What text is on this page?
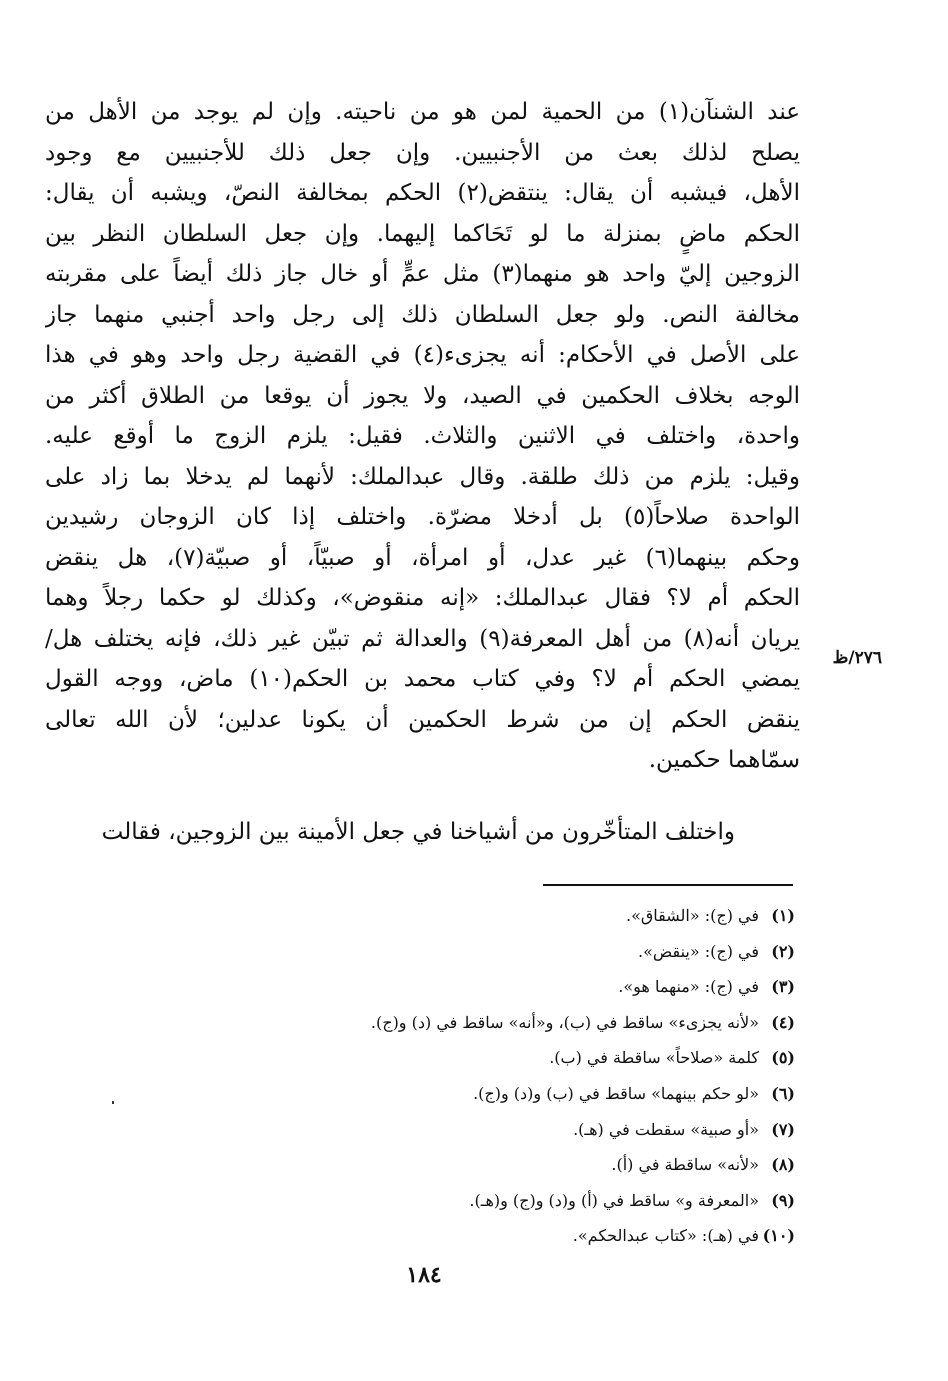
عند الشنآن(١) من الحمية لمن هو من ناحيته. وإن لم يوجد من الأهل من
يصلح لذلك بعث من الأجنبيين. وإن جعل ذلك للأجنبيين مع وجود
الأهل، فيشبه أن يقال: ينتقض(٢) الحكم بمخالفة النصّ، ويشبه أن يقال:
الحكم ماضٍ بمنزلة ما لو تَحَاكما إليهما. وإن جعل السلطان النظر بين
الزوجين إليّ واحد هو منهما(٣) مثل عمٍّ أو خال جاز ذلك أيضاً على مقربته
مخالفة النص. ولو جعل السلطان ذلك إلى رجل واحد أجنبي منهما جاز
على الأصل في الأحكام: أنه يجزىء(٤) في القضية رجل واحد وهو في هذا
الوجه بخلاف الحكمين في الصيد، ولا يجوز أن يوقعا من الطلاق أكثر من
واحدة، واختلف في الاثنين والثلاث. فقيل: يلزم الزوج ما أوقع عليه.
وقيل: يلزم من ذلك طلقة. وقال عبدالملك: لأنهما لم يدخلا بما زاد على
الواحدة صلاحاً(٥) بل أدخلا مضرّة. واختلف إذا كان الزوجان رشيدين
وحكم بينهما(٦) غير عدل، أو امرأة، أو صبيّاً، أو صبيّة(٧)، هل ينقض
الحكم أم لا؟ فقال عبدالملك: «إنه منقوض»، وكذلك لو حكما رجلاً وهما
يريان أنه(٨) من أهل المعرفة(٩) والعدالة ثم تبيّن غير ذلك، فإنه يختلف هل/
يمضي الحكم أم لا؟ وفي كتاب محمد بن الحكم(١٠) ماض، ووجه القول
ينقض الحكم إن من شرط الحكمين أن يكونا عدلين؛ لأن الله تعالى
سمّاهما حكمين.
واختلف المتأخّرون من أشياخنا في جعل الأمينة بين الزوجين، فقالت
٢٧٦/ظ
(١)في (ج): «الشقاق».
(٢)في (ج): «ينقض».
(٣)في (ج): «منهما هو».
(٤)«لأنه يجزىء» ساقط في (ب)، و«أنه» ساقط في (د) و(ج).
(٥)كلمة «صلاحاً» ساقطة في (ب).
(٦)«لو حكم بينهما» ساقط في (ب) و(د) و(ج).
(٧)«أو صبية» سقطت في (هـ).
(٨)«لأنه» ساقطة في (أ).
(٩)«المعرفة و» ساقط في (أ) و(د) و(ج) و(هـ).
(١٠)في (هـ): «كتاب عبدالحكم».
١٨٤
